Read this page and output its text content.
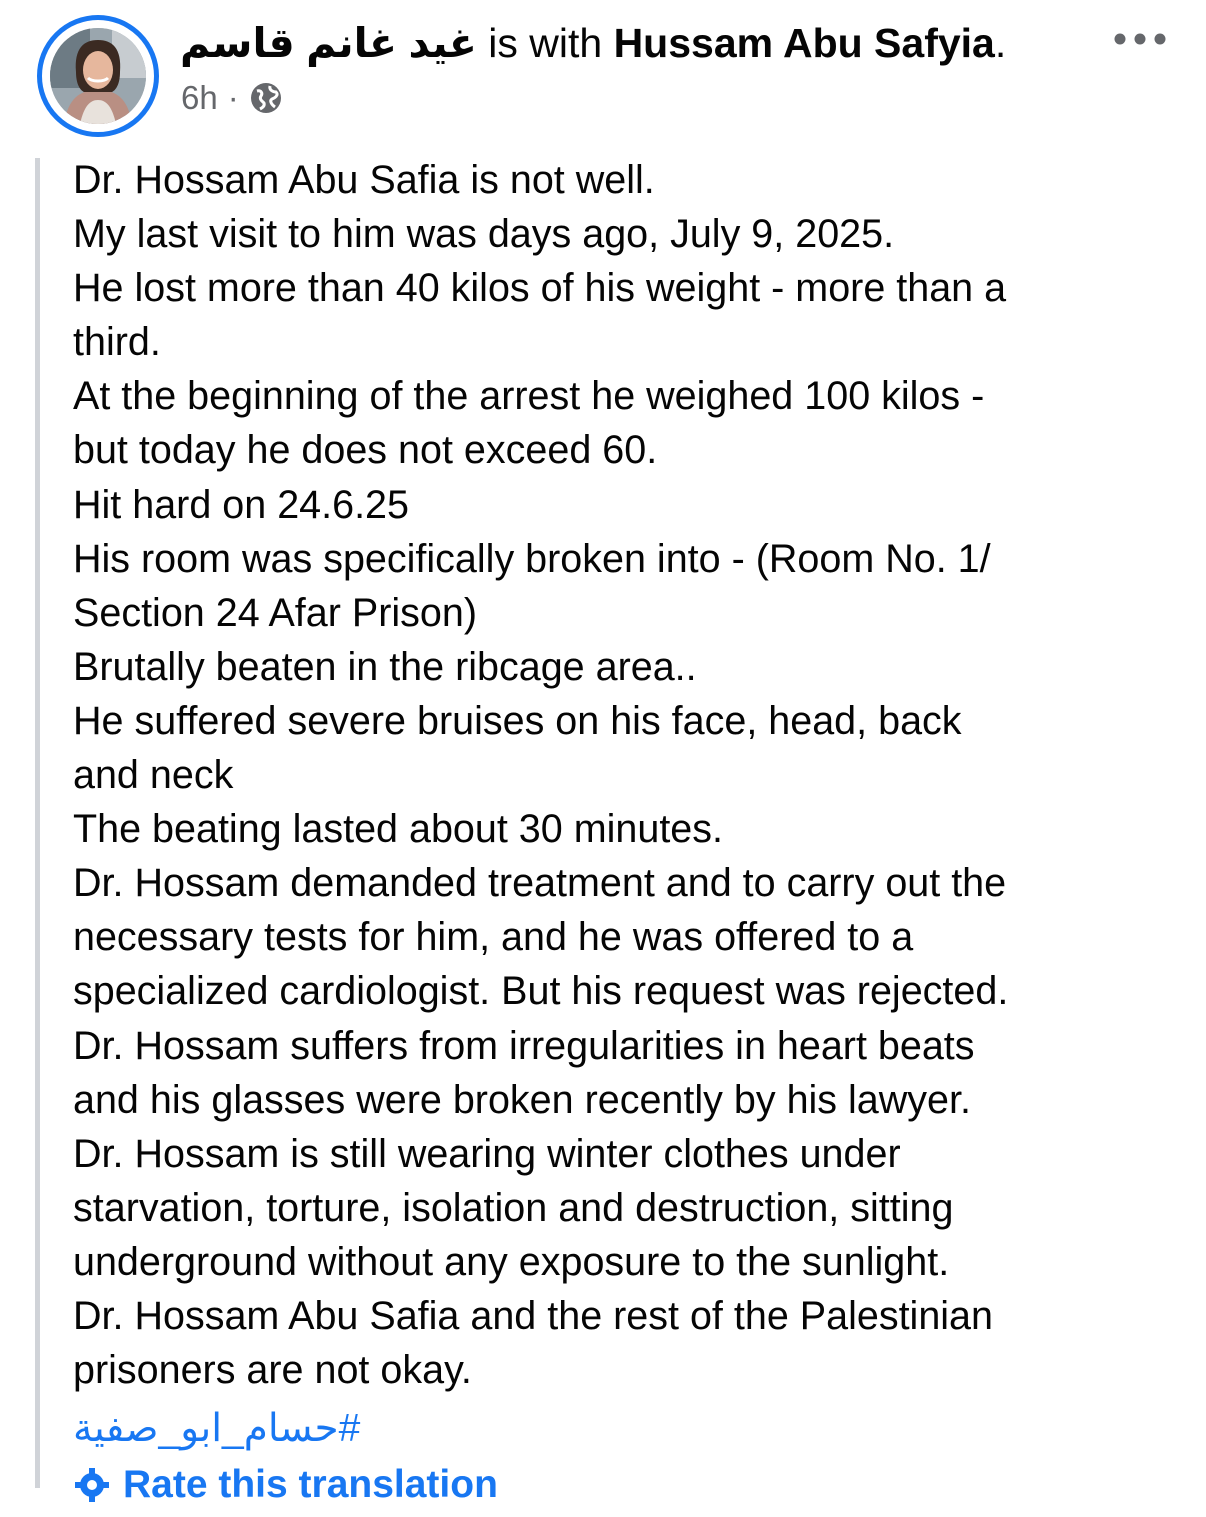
غيد غانم قاسم is with Hussam Abu Safyia.
6h ·
Dr. Hossam Abu Safia is not well.
My last visit to him was days ago, July 9, 2025.
He lost more than 40 kilos of his weight - more than a
third.
At the beginning of the arrest he weighed 100 kilos -
but today he does not exceed 60.
Hit hard on 24.6.25
His room was specifically broken into - (Room No. 1/
Section 24 Afar Prison)
Brutally beaten in the ribcage area..
He suffered severe bruises on his face, head, back
and neck
The beating lasted about 30 minutes.
Dr. Hossam demanded treatment and to carry out the
necessary tests for him, and he was offered to a
specialized cardiologist. But his request was rejected.
Dr. Hossam suffers from irregularities in heart beats
and his glasses were broken recently by his lawyer.
Dr. Hossam is still wearing winter clothes under
starvation, torture, isolation and destruction, sitting
underground without any exposure to the sunlight.
Dr. Hossam Abu Safia and the rest of the Palestinian
prisoners are not okay.
#حسام_ابو_صفية
Rate this translation
